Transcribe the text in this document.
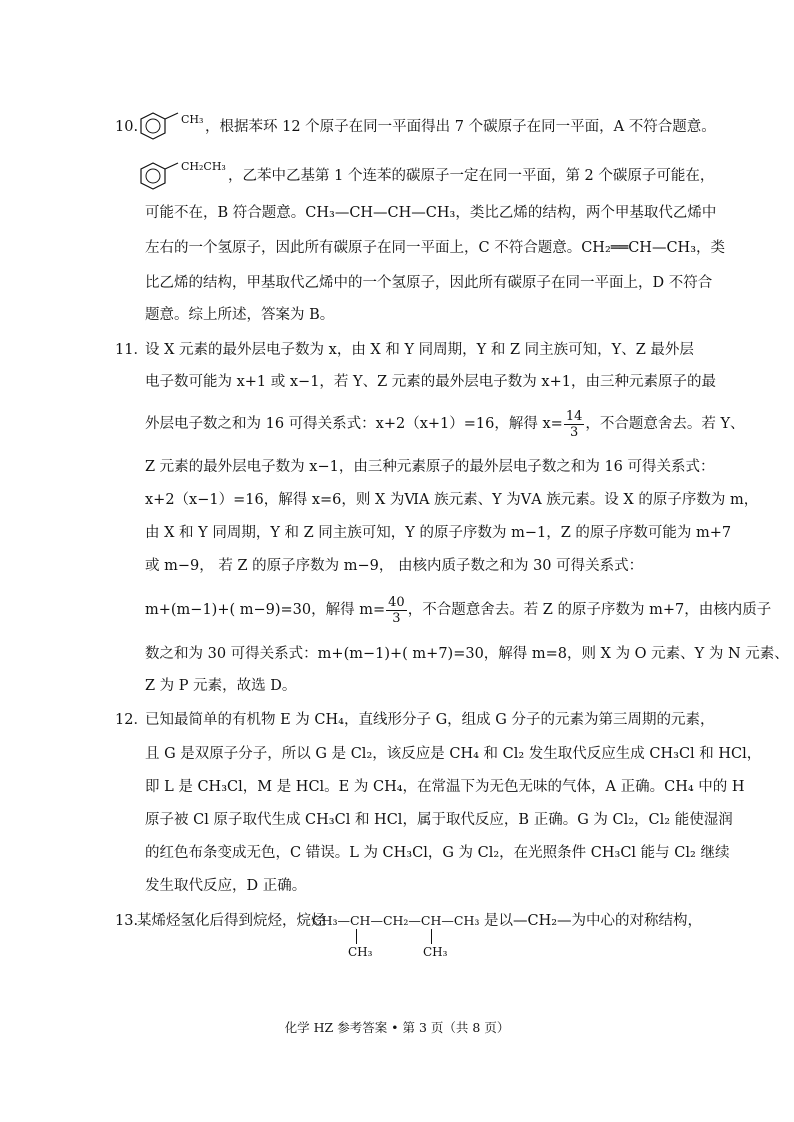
10.	CH₃ ，根据苯环 12 个原子在同一平面得出 7 个碳原子在同一平面，A 不符合题意。
CH₂CH₃
，乙苯中乙基第 1 个连苯的碳原子一定在同一平面，第 2 个碳原子可能在，
可能不在，B 符合题意。CH₃—CH—CH—CH₃，类比乙烯的结构，两个甲基取代乙烯中
左右的一个氢原子，因此所有碳原子在同一平面上，C 不符合题意。CH₂══CH—CH₃，类
比乙烯的结构，甲基取代乙烯中的一个氢原子，因此所有碳原子在同一平面上，D 不符合
题意。综上所述，答案为 B。
11．
设 X 元素的最外层电子数为 x，由 X 和 Y 同周期，Y 和 Z 同主族可知，Y、Z 最外层
电子数可能为 x+1 或 x−1，若 Y、Z 元素的最外层电子数为 x+1，由三种元素原子的最
外层电子数之和为 16 可得关系式：x+2（x+1）=16，解得 $x= \frac{14}{3}$ ，不合题意舍去。若 Y、
Z 元素的最外层电子数为 x−1，由三种元素原子的最外层电子数之和为 16 可得关系式：
x+2（x−1）=16，解得 x=6，则 X 为ⅥA 族元素、Y 为ⅤA 族元素。设 X 的原子序数为 m，
由 X 和 Y 同周期，Y 和 Z 同主族可知，Y 的原子序数为 m−1，Z 的原子序数可能为 m+7
或 m−9， 若 Z 的原子序数为 m−9， 由核内质子数之和为 30 可得关系式：
m+(m−1)+( m−9)=30，解得 $m= \frac{40}{3}$ ，不合题意舍去。若 Z 的原子序数为 m+7，由核内质子
数之和为 30 可得关系式：m+(m−1)+( m+7)=30，解得 m=8，则 X 为 O 元素、Y 为 N 元素、
Z 为 P 元素，故选 D。
12．
已知最简单的有机物 E 为 CH₄，直线形分子 G，组成 G 分子的元素为第三周期的元素，
且 G 是双原子分子，所以 G 是 Cl₂，该反应是 CH₄ 和 Cl₂ 发生取代反应生成 CH₃Cl 和 HCl，
即 L 是 CH₃Cl，M 是 HCl。E 为 CH₄，在常温下为无色无味的气体，A 正确。CH₄ 中的 H
原子被 Cl 原子取代生成 CH₃Cl 和 HCl，属于取代反应，B 正确。G 为 Cl₂，Cl₂ 能使湿润
的红色布条变成无色，C 错误。L 为 CH₃Cl，G 为 Cl₂，在光照条件 CH₃Cl 能与 Cl₂ 继续
发生取代反应，D 正确。
13.
某烯烃氢化后得到烷烃，烷烃
CH₃—CH—CH₂—CH—CH₃
CH₃	CH₃
是以—CH₂—为中心的对称结构，
化学 HZ 参考答案 • 第 3 页（共 8 页）
